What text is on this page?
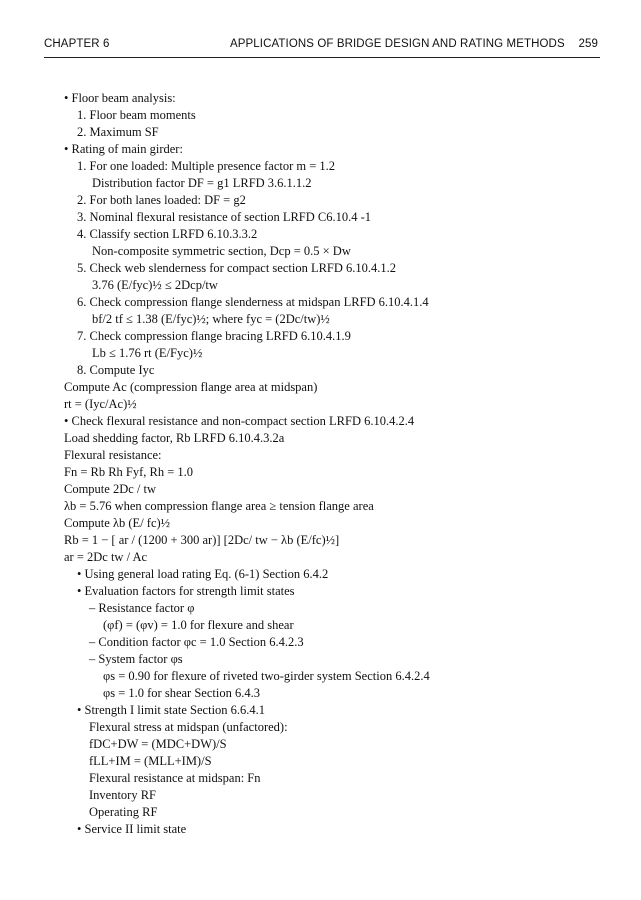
CHAPTER 6	APPLICATIONS OF BRIDGE DESIGN AND RATING METHODS 259
• Floor beam analysis:
1. Floor beam moments
2. Maximum SF
• Rating of main girder:
1. For one loaded: Multiple presence factor m = 1.2
Distribution factor DF = g1 LRFD 3.6.1.1.2
2. For both lanes loaded: DF = g2
3. Nominal flexural resistance of section LRFD C6.10.4 -1
4. Classify section LRFD 6.10.3.3.2
Non-composite symmetric section, Dcp = 0.5 × Dw
5. Check web slenderness for compact section LRFD 6.10.4.1.2
3.76 (E/fyc)½ ≤ 2Dcp/tw
6. Check compression flange slenderness at midspan LRFD 6.10.4.1.4
bf/2 tf ≤ 1.38 (E/fyc)½; where fyc = (2Dc/tw)½
7. Check compression flange bracing LRFD 6.10.4.1.9
Lb ≤ 1.76 rt (E/Fyc)½
8. Compute Iyc
Compute Ac (compression flange area at midspan)
rt = (Iyc/Ac)½
• Check flexural resistance and non-compact section LRFD 6.10.4.2.4
Load shedding factor, Rb LRFD 6.10.4.3.2a
Flexural resistance:
Fn = Rb Rh Fyf, Rh = 1.0
Compute 2Dc / tw
λb = 5.76 when compression flange area ≥ tension flange area
Compute λb (E/ fc)½
Rb = 1 − [ ar / (1200 + 300 ar)] [2Dc/ tw − λb (E/fc)½]
ar = 2Dc tw / Ac
• Using general load rating Eq. (6-1) Section 6.4.2
• Evaluation factors for strength limit states
– Resistance factor φ
(φf) = (φv) = 1.0 for flexure and shear
– Condition factor φc = 1.0 Section 6.4.2.3
– System factor φs
φs = 0.90 for flexure of riveted two-girder system Section 6.4.2.4
φs = 1.0 for shear Section 6.4.3
• Strength I limit state Section 6.6.4.1
Flexural stress at midspan (unfactored):
fDC+DW = (MDC+DW)/S
fLL+IM = (MLL+IM)/S
Flexural resistance at midspan: Fn
Inventory RF
Operating RF
• Service II limit state
